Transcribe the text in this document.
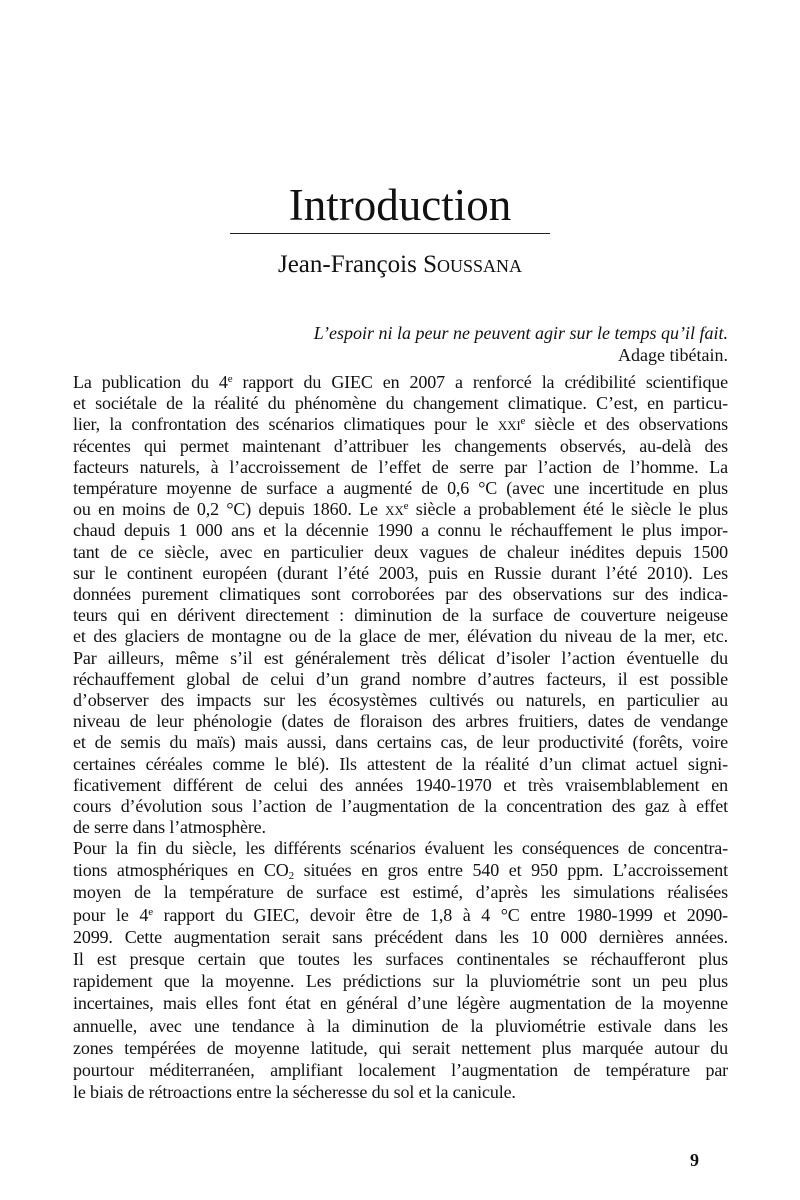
Introduction
Jean-François Soussana
L’espoir ni la peur ne peuvent agir sur le temps qu’il fait.
Adage tibétain.
La publication du 4e rapport du GIEC en 2007 a renforcé la crédibilité scientifique
et sociétale de la réalité du phénomène du changement climatique. C’est, en particu-
lier, la confrontation des scénarios climatiques pour le xxi$^e$ siècle et des observations
récentes qui permet maintenant d’attribuer les changements observés, au-delà des
facteurs naturels, à l’accroissement de l’effet de serre par l’action de l’homme. La
température moyenne de surface a augmenté de 0,6 °C (avec une incertitude en plus
ou en moins de 0,2 °C) depuis 1860. Le $xx^e$ siècle a probablement été le siècle le plus
chaud depuis 1 000 ans et la décennie 1990 a connu le réchauffement le plus impor-
tant de ce siècle, avec en particulier deux vagues de chaleur inédites depuis 1500
sur le continent européen (durant l’été 2003, puis en Russie durant l’été 2010). Les
données purement climatiques sont corroborées par des observations sur des indica-
teurs qui en dérivent directement : diminution de la surface de couverture neigeuse
et des glaciers de montagne ou de la glace de mer, élévation du niveau de la mer, etc.
Par ailleurs, même s’il est généralement très délicat d’isoler l’action éventuelle du
réchauffement global de celui d’un grand nombre d’autres facteurs, il est possible
d’observer des impacts sur les écosystèmes cultivés ou naturels, en particulier au
niveau de leur phénologie (dates de floraison des arbres fruitiers, dates de vendange
et de semis du maïs) mais aussi, dans certains cas, de leur productivité (forêts, voire
certaines céréales comme le blé). Ils attestent de la réalité d’un climat actuel signi-
ficativement différent de celui des années 1940-1970 et très vraisemblablement en
cours d’évolution sous l’action de l’augmentation de la concentration des gaz à effet
de serre dans l’atmosphère.
Pour la fin du siècle, les différents scénarios évaluent les conséquences de concentra-
tions atmosphériques en $CO_2$ situées en gros entre 540 et 950 ppm. L’accroissement
moyen de la température de surface est estimé, d’après les simulations réalisées
pour le 4e rapport du GIEC, devoir être de 1,8 à 4 °C entre 1980-1999 et 2090-
2099. Cette augmentation serait sans précédent dans les 10 000 dernières années.
Il est presque certain que toutes les surfaces continentales se réchaufferont plus
rapidement que la moyenne. Les prédictions sur la pluviométrie sont un peu plus
incertaines, mais elles font état en général d’une légère augmentation de la moyenne
annuelle, avec une tendance à la diminution de la pluviométrie estivale dans les
zones tempérées de moyenne latitude, qui serait nettement plus marquée autour du
pourtour méditerranéen, amplifiant localement l’augmentation de température par
le biais de rétroactions entre la sécheresse du sol et la canicule.
9
